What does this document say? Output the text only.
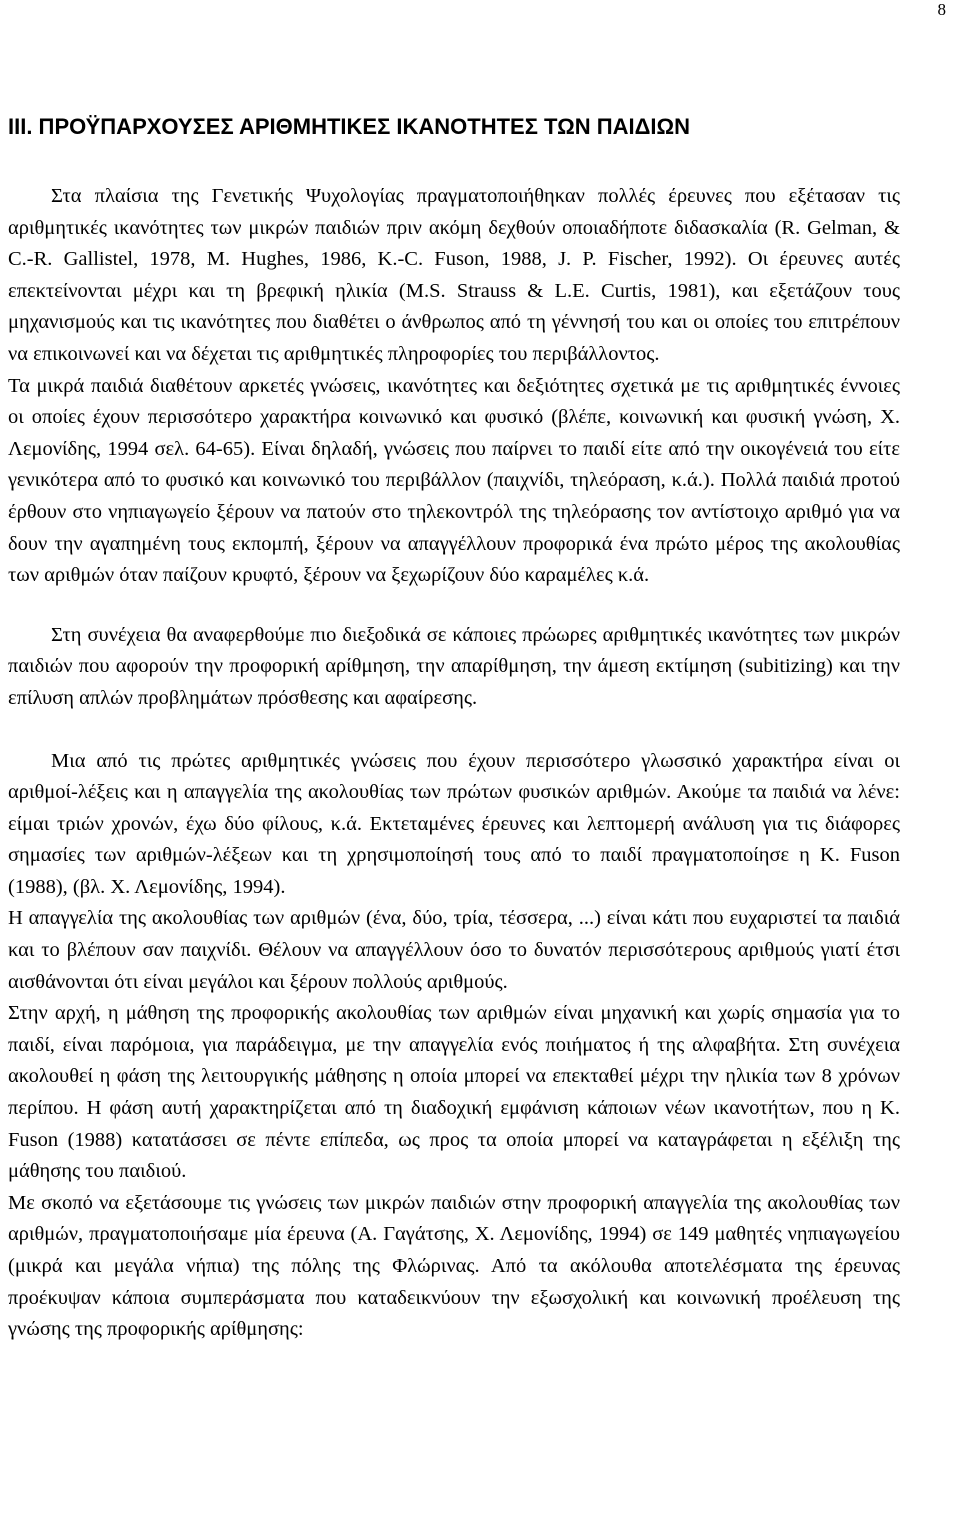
8
III. ΠΡΟΫΠΑΡΧΟΥΣΕΣ ΑΡΙΘΜΗΤΙΚΕΣ ΙΚΑΝΟΤΗΤΕΣ ΤΩΝ ΠΑΙΔΙΩΝ

Στα πλαίσια της Γενετικής Ψυχολογίας πραγματοποιήθηκαν πολλές έρευνες που εξέτασαν τις αριθμητικές ικανότητες των μικρών παιδιών πριν ακόμη δεχθούν οποιαδήποτε διδασκαλία (R. Gelman, & C.-R. Gallistel, 1978, M. Hughes, 1986, K.-C. Fuson, 1988, J. P. Fischer, 1992). Οι έρευνες αυτές επεκτείνονται μέχρι και τη βρεφική ηλικία (M.S. Strauss & L.E. Curtis, 1981), και εξετάζουν τους μηχανισμούς και τις ικανότητες που διαθέτει ο άνθρωπος από τη γέννησή του και οι οποίες του επιτρέπουν να επικοινωνεί και να δέχεται τις αριθμητικές πληροφορίες του περιβάλλοντος.

Τα μικρά παιδιά διαθέτουν αρκετές γνώσεις, ικανότητες και δεξιότητες σχετικά με τις αριθμητικές έννοιες οι οποίες έχουν περισσότερο χαρακτήρα κοινωνικό και φυσικό (βλέπε, κοινωνική και φυσική γνώση, Χ. Λεμονίδης, 1994 σελ. 64-65). Είναι δηλαδή, γνώσεις που παίρνει το παιδί είτε από την οικογένειά του είτε γενικότερα από το φυσικό και κοινωνικό του περιβάλλον (παιχνίδι, τηλεόραση, κ.ά.). Πολλά παιδιά προτού έρθουν στο νηπιαγωγείο ξέρουν να πατούν στο τηλεκοντρόλ της τηλεόρασης τον αντίστοιχο αριθμό για να δουν την αγαπημένη τους εκπομπή, ξέρουν να απαγγέλλουν προφορικά ένα πρώτο μέρος της ακολουθίας των αριθμών όταν παίζουν κρυφτό, ξέρουν να ξεχωρίζουν δύο καραμέλες κ.ά.

Στη συνέχεια θα αναφερθούμε πιο διεξοδικά σε κάποιες πρώωρες αριθμητικές ικανότητες των μικρών παιδιών που αφορούν την προφορική αρίθμηση, την απαρίθμηση, την άμεση εκτίμηση (subitizing) και την επίλυση απλών προβλημάτων πρόσθεσης και αφαίρεσης.

Μια από τις πρώτες αριθμητικές γνώσεις που έχουν περισσότερο γλωσσικό χαρακτήρα είναι οι αριθμοί-λέξεις και η απαγγελία της ακολουθίας των πρώτων φυσικών αριθμών. Ακούμε τα παιδιά να λένε: είμαι τριών χρονών, έχω δύο φίλους, κ.ά. Εκτεταμένες έρευνες και λεπτομερή ανάλυση για τις διάφορες σημασίες των αριθμών-λέξεων και τη χρησιμοποίησή τους από το παιδί πραγματοποίησε η K. Fuson (1988), (βλ. Χ. Λεμονίδης, 1994).

Η απαγγελία της ακολουθίας των αριθμών (ένα, δύο, τρία, τέσσερα, ...) είναι κάτι που ευχαριστεί τα παιδιά και το βλέπουν σαν παιχνίδι. Θέλουν να απαγγέλλουν όσο το δυνατόν περισσότερους αριθμούς γιατί έτσι αισθάνονται ότι είναι μεγάλοι και ξέρουν πολλούς αριθμούς.

Στην αρχή, η μάθηση της προφορικής ακολουθίας των αριθμών είναι μηχανική και χωρίς σημασία για το παιδί, είναι παρόμοια, για παράδειγμα, με την απαγγελία ενός ποιήματος ή της αλφαβήτα. Στη συνέχεια ακολουθεί η φάση της λειτουργικής μάθησης η οποία μπορεί να επεκταθεί μέχρι την ηλικία των 8 χρόνων περίπου. Η φάση αυτή χαρακτηρίζεται από τη διαδοχική εμφάνιση κάποιων νέων ικανοτήτων, που η K. Fuson (1988) κατατάσσει σε πέντε επίπεδα, ως προς τα οποία μπορεί να καταγράφεται η εξέλιξη της μάθησης του παιδιού.

Με σκοπό να εξετάσουμε τις γνώσεις των μικρών παιδιών στην προφορική απαγγελία της ακολουθίας των αριθμών, πραγματοποιήσαμε μία έρευνα (Α. Γαγάτσης, Χ. Λεμονίδης, 1994) σε 149 μαθητές νηπιαγωγείου (μικρά και μεγάλα νήπια) της πόλης της Φλώρινας. Από τα ακόλουθα αποτελέσματα της έρευνας προέκυψαν κάποια συμπεράσματα που καταδεικνύουν την εξωσχολική και κοινωνική προέλευση της γνώσης της προφορικής αρίθμησης:
